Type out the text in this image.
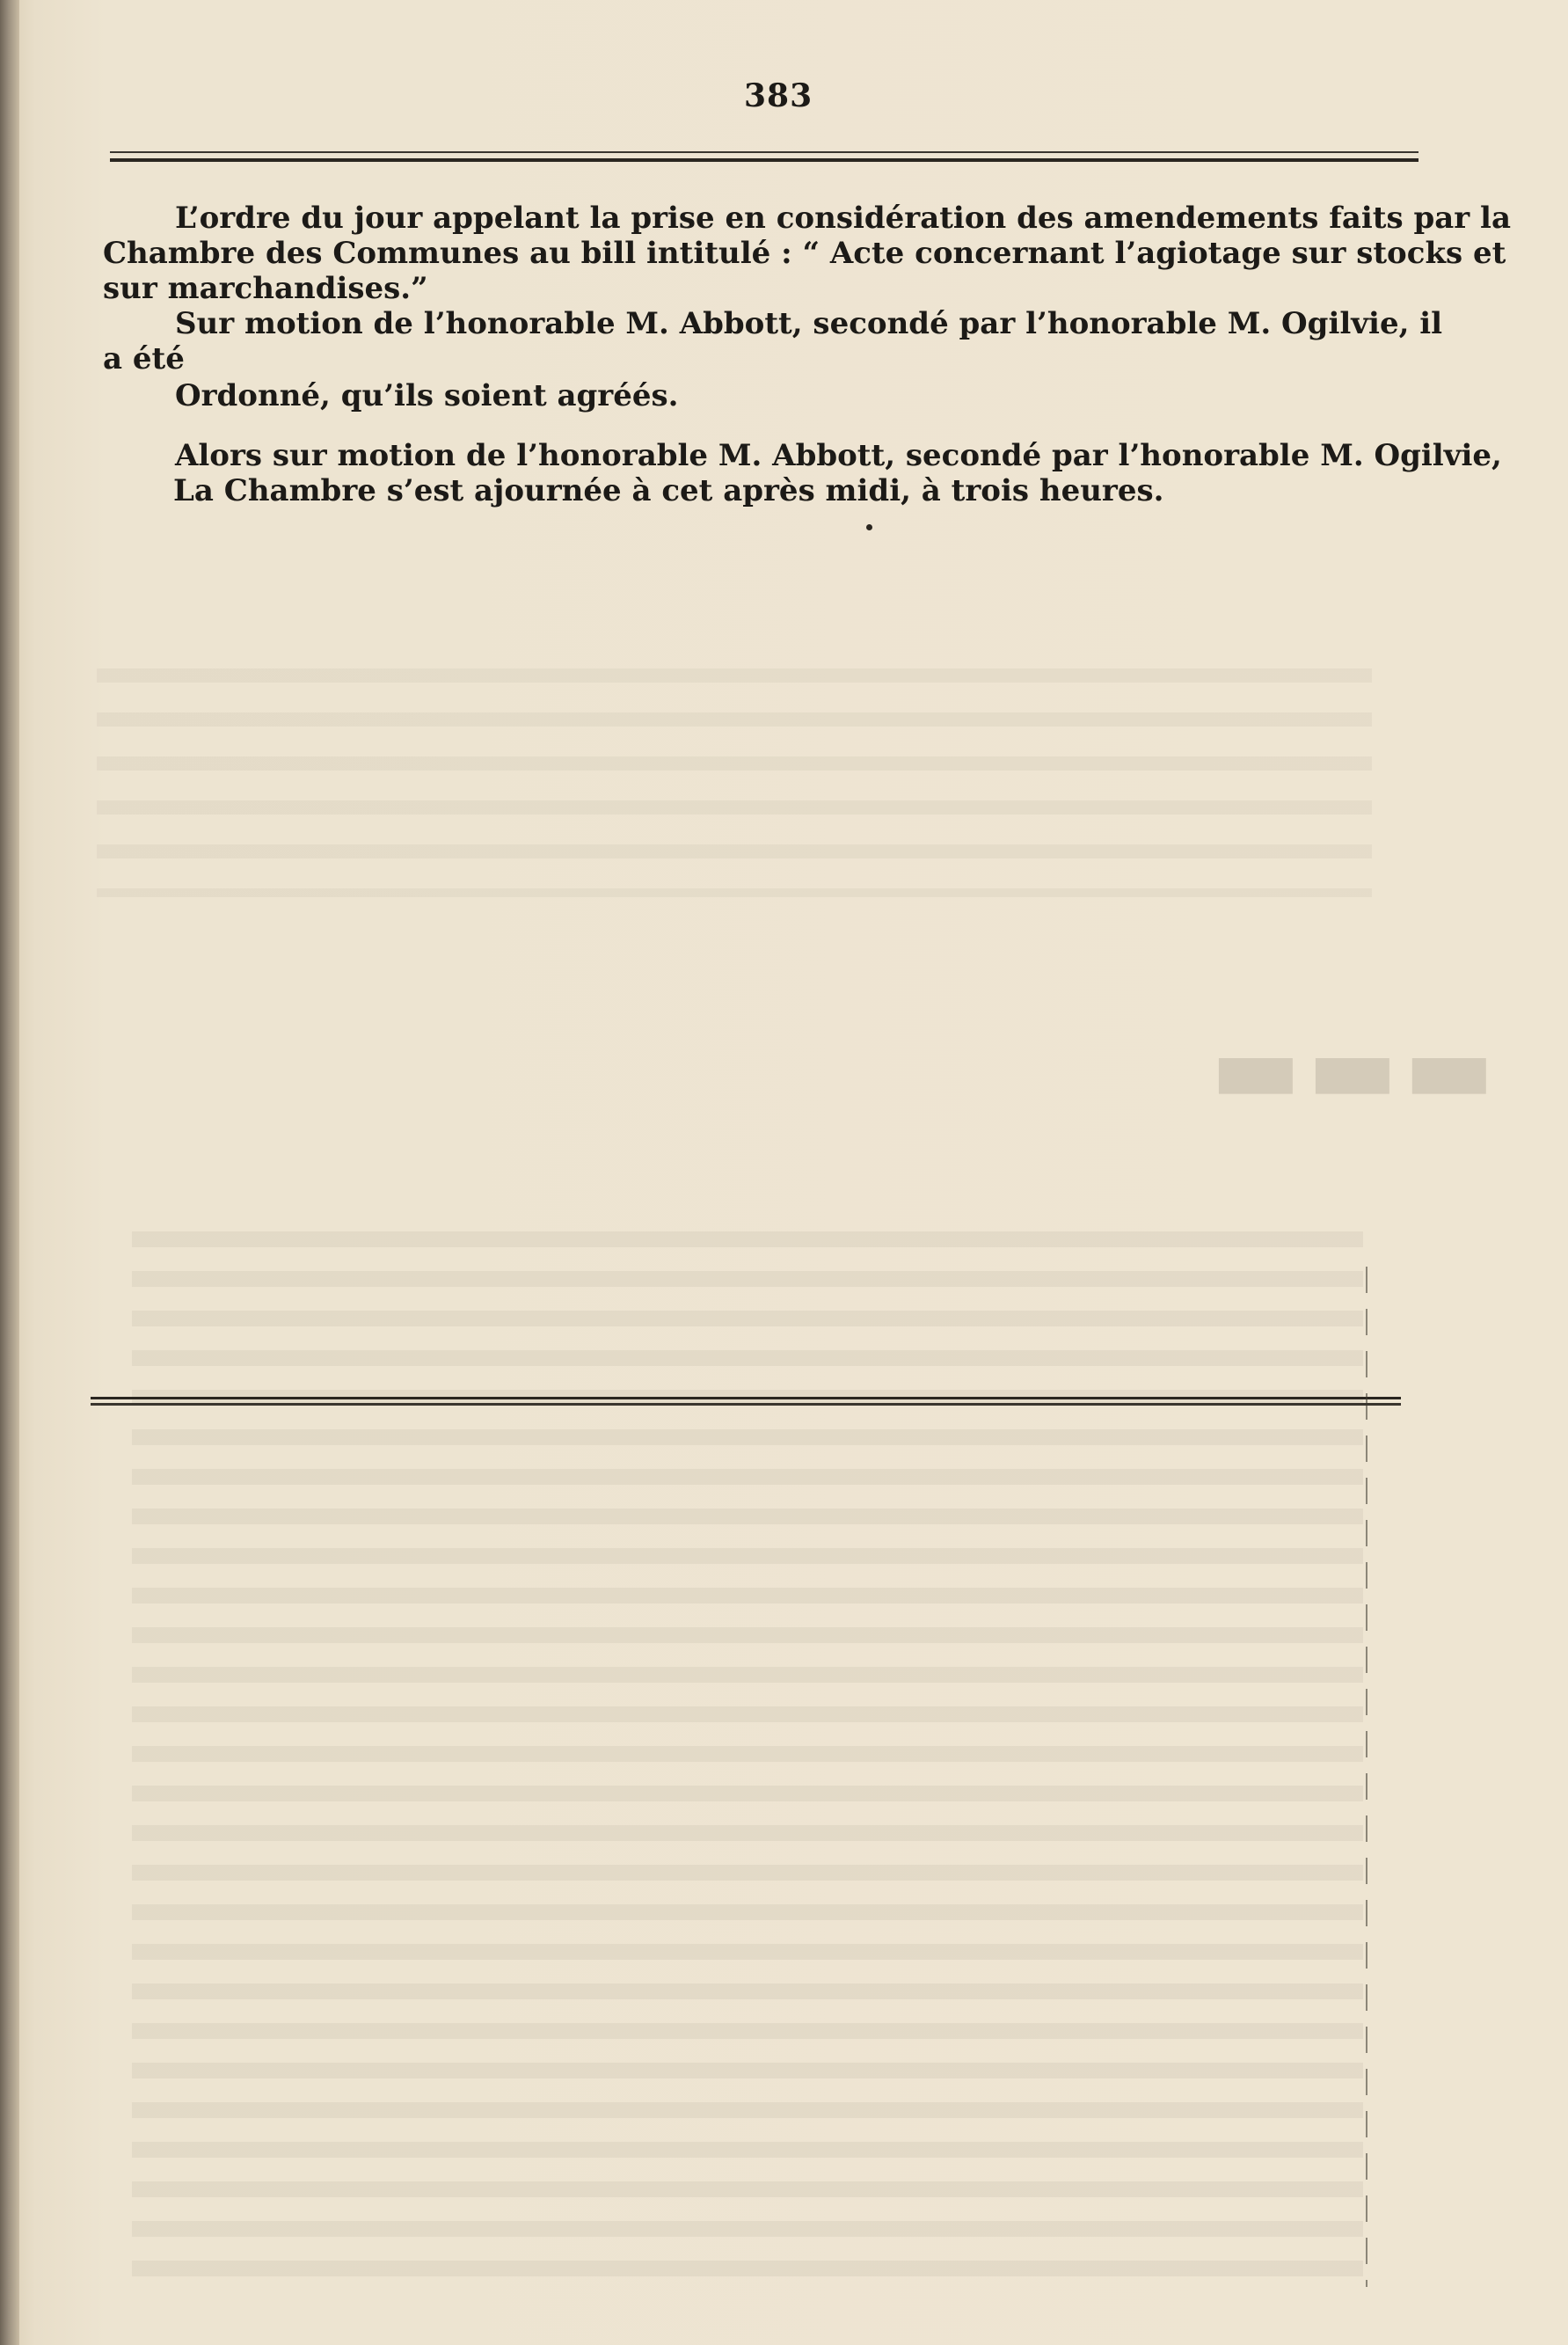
383
L’ordre du jour appelant la prise en considération des amendements faits par la
Chambre des Communes au bill intitulé : “ Acte concernant l’agiotage sur stocks et
sur marchandises.”
Sur motion de l’honorable M. Abbott, secondé par l’honorable M. Ogilvie, il
a été
Ordonné, qu’ils soient agréés.
Alors sur motion de l’honorable M. Abbott, secondé par l’honorable M. Ogilvie,
La Chambre s’est ajournée à cet après midi, à trois heures.
▬▬▬
